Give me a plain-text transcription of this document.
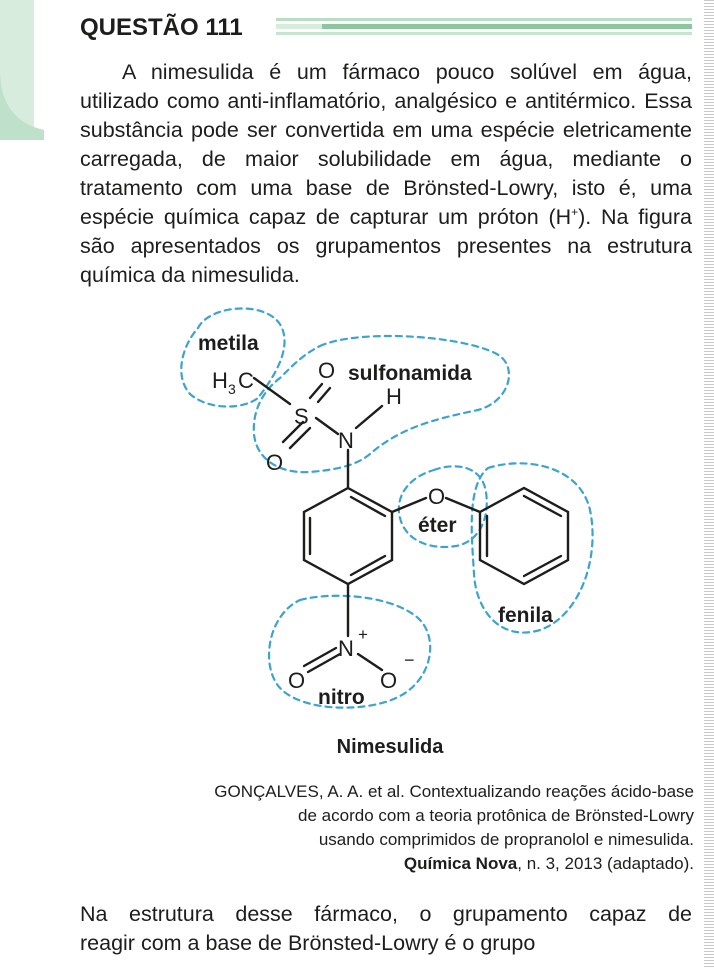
QUESTÃO 111

A nimesulida é um fármaco pouco solúvel em água, utilizado como anti-inflamatório, analgésico e antitérmico. Essa substância pode ser convertida em uma espécie eletricamente carregada, de maior solubilidade em água, mediante o tratamento com uma base de Brönsted-Lowry, isto é, uma espécie química capaz de capturar um próton (H+). Na figura são apresentados os grupamentos presentes na estrutura química da nimesulida.

metila
sulfonamida
éter
fenila
nitro
H 3 C	O
S
O
H
N
O
N
+
O	O
−
Nimesulida

GONÇALVES, A. A. et al. Contextualizando reações ácido-base
de acordo com a teoria protônica de Brönsted-Lowry
usando comprimidos de propranolol e nimesulida.
Química Nova, n. 3, 2013 (adaptado).

Na estrutura desse fármaco, o grupamento capaz de
reagir com a base de Brönsted-Lowry é o grupo
